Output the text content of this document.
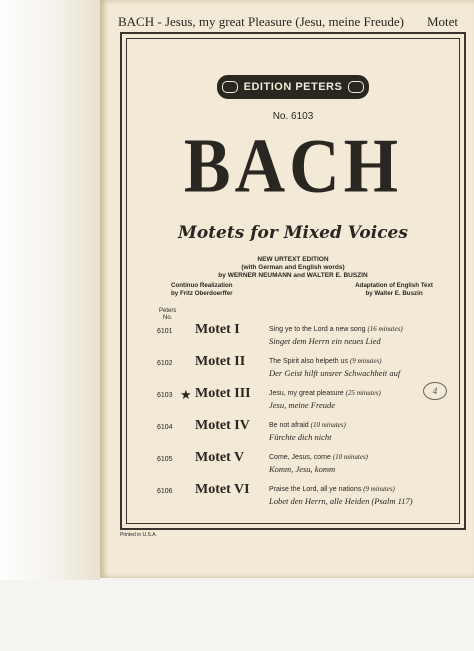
BACH - Jesus, my great Pleasure (Jesu, meine Freude) Motet
EDITION PETERS
No. 6103
BACH
Motets for Mixed Voices
NEW URTEXT EDITION
(with German and English words)
by WERNER NEUMANN and WALTER E. BUSZIN
Continuo Realization
by Fritz Oberdoerffer
Adaptation of English Text
by Walter E. Buszin
Peters
No.
6101	Motet I	Sing ye to the Lord a new song (16 minutes)
Singet dem Herrn ein neues Lied
6102	Motet II	The Spirit also helpeth us (9 minutes)
Der Geist hilft unsrer Schwachheit auf
6103 ★ Motet III	Jesu, my great pleasure (25 minutes)	4
Jesu, meine Freude
6104	Motet IV	Be not afraid (10 minutes)
Fürchte dich nicht
6105	Motet V	Come, Jesus, come (10 minutes)
Komm, Jesu, komm
6106	Motet VI	Praise the Lord, all ye nations (9 minutes)
Lobet den Herrn, alle Heiden (Psalm 117)
Printed in U.S.A.
